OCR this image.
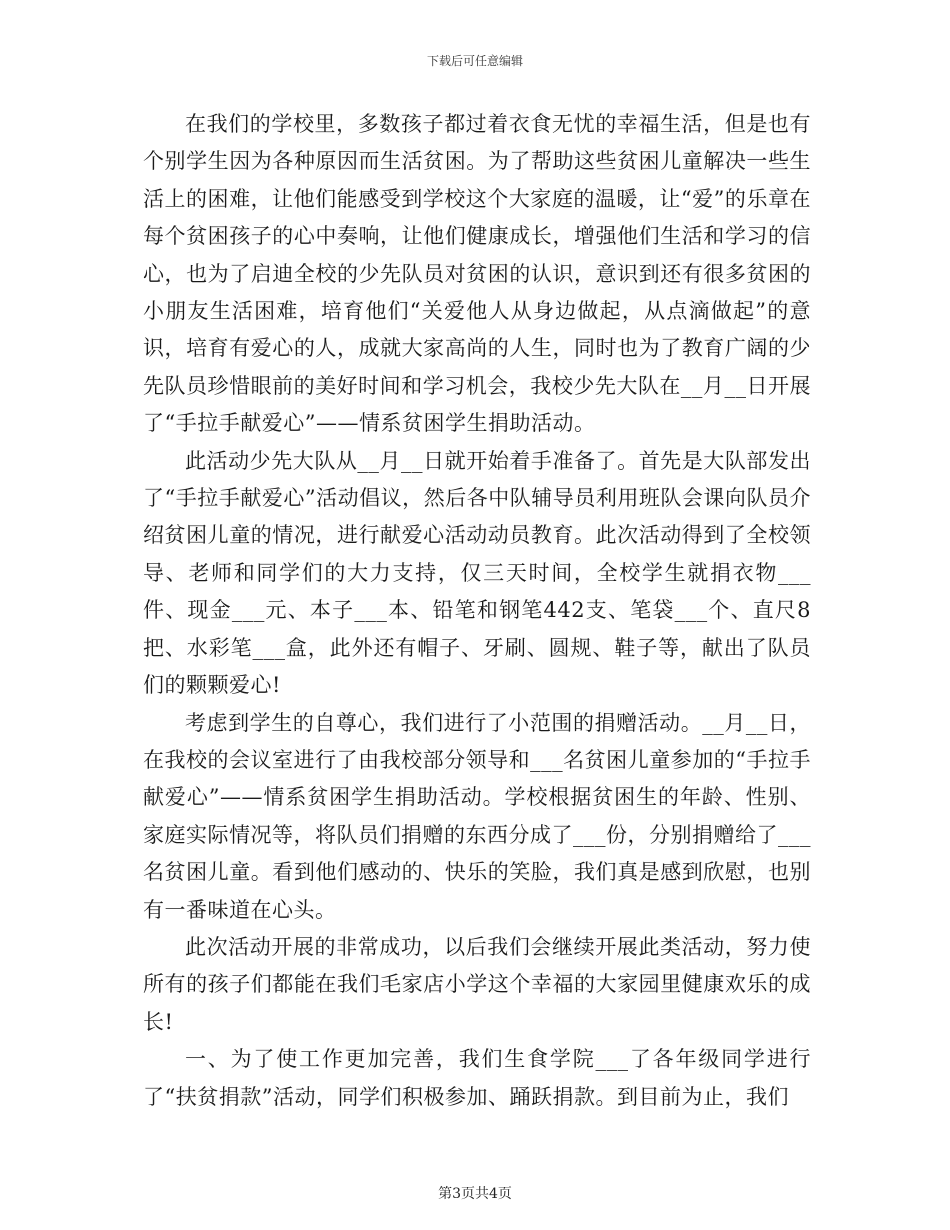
下载后可任意编辑

在我们的学校里，多数孩子都过着衣食无忧的幸福生活，但是也有个别学生因为各种原因而生活贫困。为了帮助这些贫困儿童解决一些生活上的困难，让他们能感受到学校这个大家庭的温暖，让“爱”的乐章在每个贫困孩子的心中奏响，让他们健康成长，增强他们生活和学习的信心，也为了启迪全校的少先队员对贫困的认识，意识到还有很多贫困的小朋友生活困难，培育他们“关爱他人从身边做起，从点滴做起”的意识，培育有爱心的人，成就大家高尚的人生，同时也为了教育广阔的少先队员珍惜眼前的美好时间和学习机会，我校少先大队在__月__日开展了“手拉手献爱心”——情系贫困学生捐助活动。

此活动少先大队从__月__日就开始着手准备了。首先是大队部发出了“手拉手献爱心”活动倡议，然后各中队辅导员利用班队会课向队员介绍贫困儿童的情况，进行献爱心活动动员教育。此次活动得到了全校领导、老师和同学们的大力支持，仅三天时间，全校学生就捐衣物___件、现金___元、本子___本、铅笔和钢笔442支、笔袋___个、直尺8把、水彩笔___盒，此外还有帽子、牙刷、圆规、鞋子等，献出了队员们的颗颗爱心!

考虑到学生的自尊心，我们进行了小范围的捐赠活动。__月__日，在我校的会议室进行了由我校部分领导和___名贫困儿童参加的“手拉手献爱心”——情系贫困学生捐助活动。学校根据贫困生的年龄、性别、家庭实际情况等，将队员们捐赠的东西分成了___份，分别捐赠给了___名贫困儿童。看到他们感动的、快乐的笑脸，我们真是感到欣慰，也别有一番味道在心头。

此次活动开展的非常成功，以后我们会继续开展此类活动，努力使所有的孩子们都能在我们毛家店小学这个幸福的大家园里健康欢乐的成长!

一、为了使工作更加完善，我们生食学院___了各年级同学进行了“扶贫捐款”活动，同学们积极参加、踊跃捐款。到目前为止，我们

第3页共4页
